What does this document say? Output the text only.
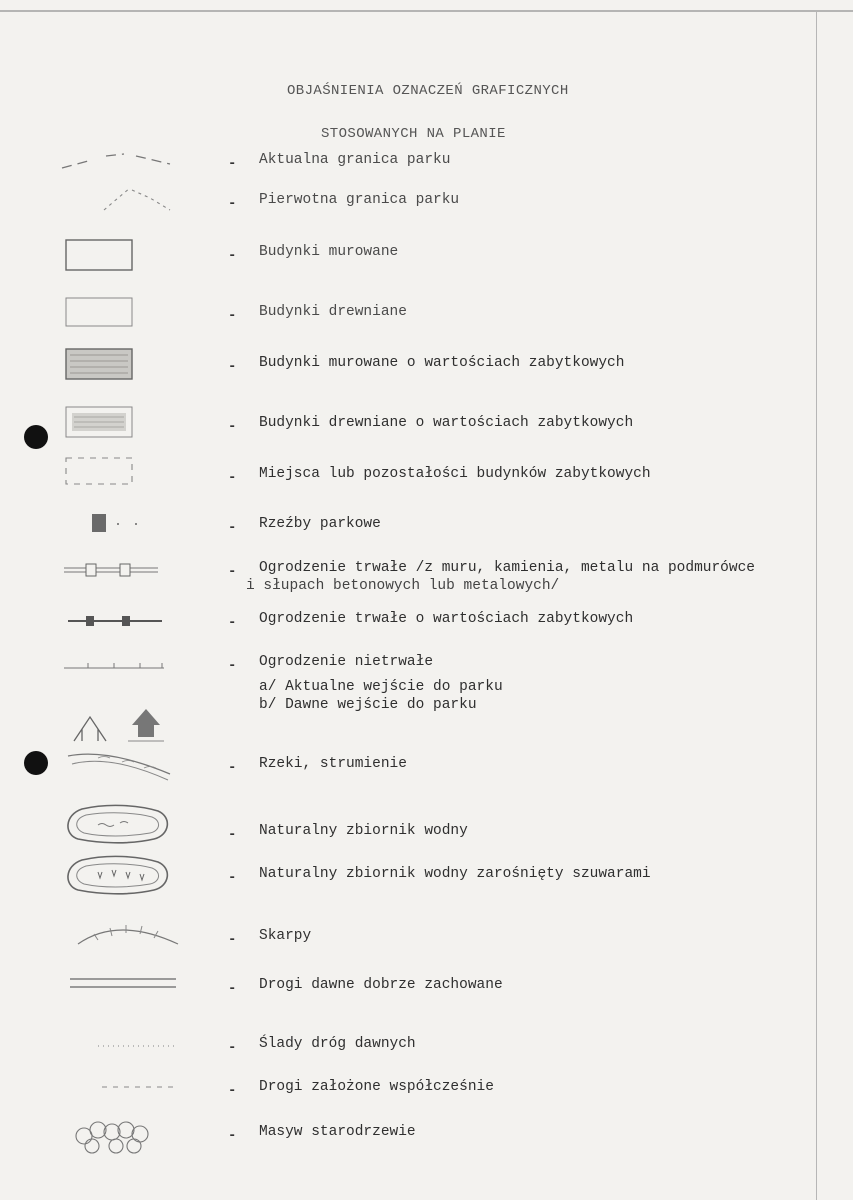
OBJAŚNIENIA OZNACZEŃ GRAFICZNYCH
STOSOWANYCH NA PLANIE
- Aktualna granica parku
- Pierwotna granica parku
- Budynki murowane
- Budynki drewniane
- Budynki murowane o wartościach zabytkowych
- Budynki drewniane o wartościach zabytkowych
- Miejsca lub pozostałości budynków zabytkowych
- Rzeźby parkowe
- Ogrodzenie trwałe /z muru, kamienia, metalu na podmurówce
i słupach betonowych lub metalowych/
- Ogrodzenie trwałe o wartościach zabytkowych
- Ogrodzenie nietrwałe
a/ Aktualne wejście do parku
b/ Dawne wejście do parku
- Rzeki, strumienie
- Naturalny zbiornik wodny
- Naturalny zbiornik wodny zarośnięty szuwarami
- Skarpy
- Drogi dawne dobrze zachowane
- Ślady dróg dawnych
- Drogi założone współcześnie
- Masyw starodrzewie
